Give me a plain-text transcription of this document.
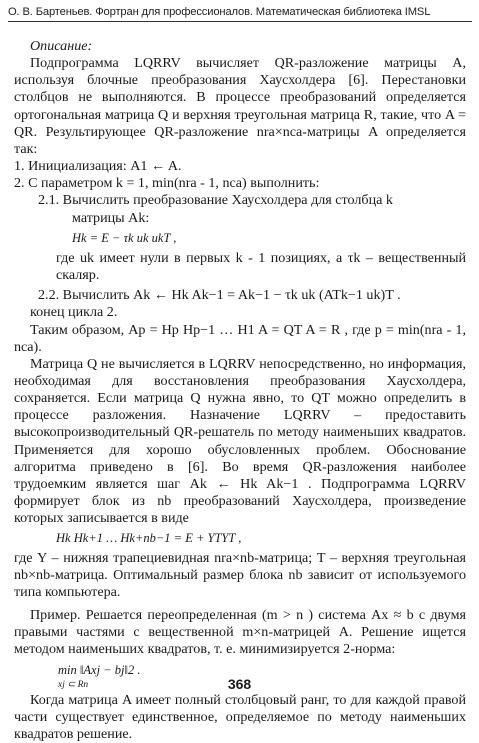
О. В. Бартеньев. Фортран для профессионалов. Математическая библиотека IMSL

Описание:

Подпрограмма LQRRV вычисляет QR-разложение матрицы A, используя блочные преобразования Хаусхолдера [6]. Перестановки столбцов не выполняются. В процессе преобразований определяется ортогональная матрица Q и верхняя треугольная матрица R, такие, что A = QR. Результирующее QR-разложение nra×nca-матрицы A определяется так:

1. Инициализация: A1 ← A.

2. С параметром k = 1, min(nra - 1, nca) выполнить:

2.1. Вычислить преобразование Хаусхолдера для столбца k

матрицы Ak:

Hk = E − τk uk ukT ,

где uk имеет нули в первых k - 1 позициях, а τk – вещественный скаляр.

2.2. Вычислить Ak ← Hk Ak−1 = Ak−1 − τk uk (ATk−1 uk)T .

конец цикла 2.

Таким образом, Ap = Hp Hp−1 … H1 A = QT A = R , где p = min(nra - 1, nca).

Матрица Q не вычисляется в LQRRV непосредственно, но информация, необходимая для восстановления преобразования Хаусхолдера, сохраняется. Если матрица Q нужна явно, то QT можно определить в процессе разложения. Назначение LQRRV – предоставить высокопроизводительный QR-решатель по методу наименьших квадратов. Применяется для хорошо обусловленных проблем. Обоснование алгоритма приведено в [6]. Во время QR-разложения наиболее трудоемким является шаг Ak ← Hk Ak−1 . Подпрограмма LQRRV формирует блок из nb преобразований Хаусхолдера, произведение которых записывается в виде

Hk Hk+1 … Hk+nb−1 = E + YTYT ,

где Y – нижняя трапециевидная nra×nb-матрица; T – верхняя треугольная nb×nb-матрица. Оптимальный размер блока nb зависит от используемого типа компьютера.

Пример. Решается переопределенная (m > n ) система Ax ≈ b с двумя правыми частями с вещественной m×n-матрицей A. Решение ищется методом наименьших квадратов, т. е. минимизируется 2-норма:

min ‖Axj − bj‖2 .
xj ⊂ Rn

Когда матрица A имеет полный столбцовый ранг, то для каждой правой части существует единственное, определяемое по методу наименьших квадратов решение.

368
